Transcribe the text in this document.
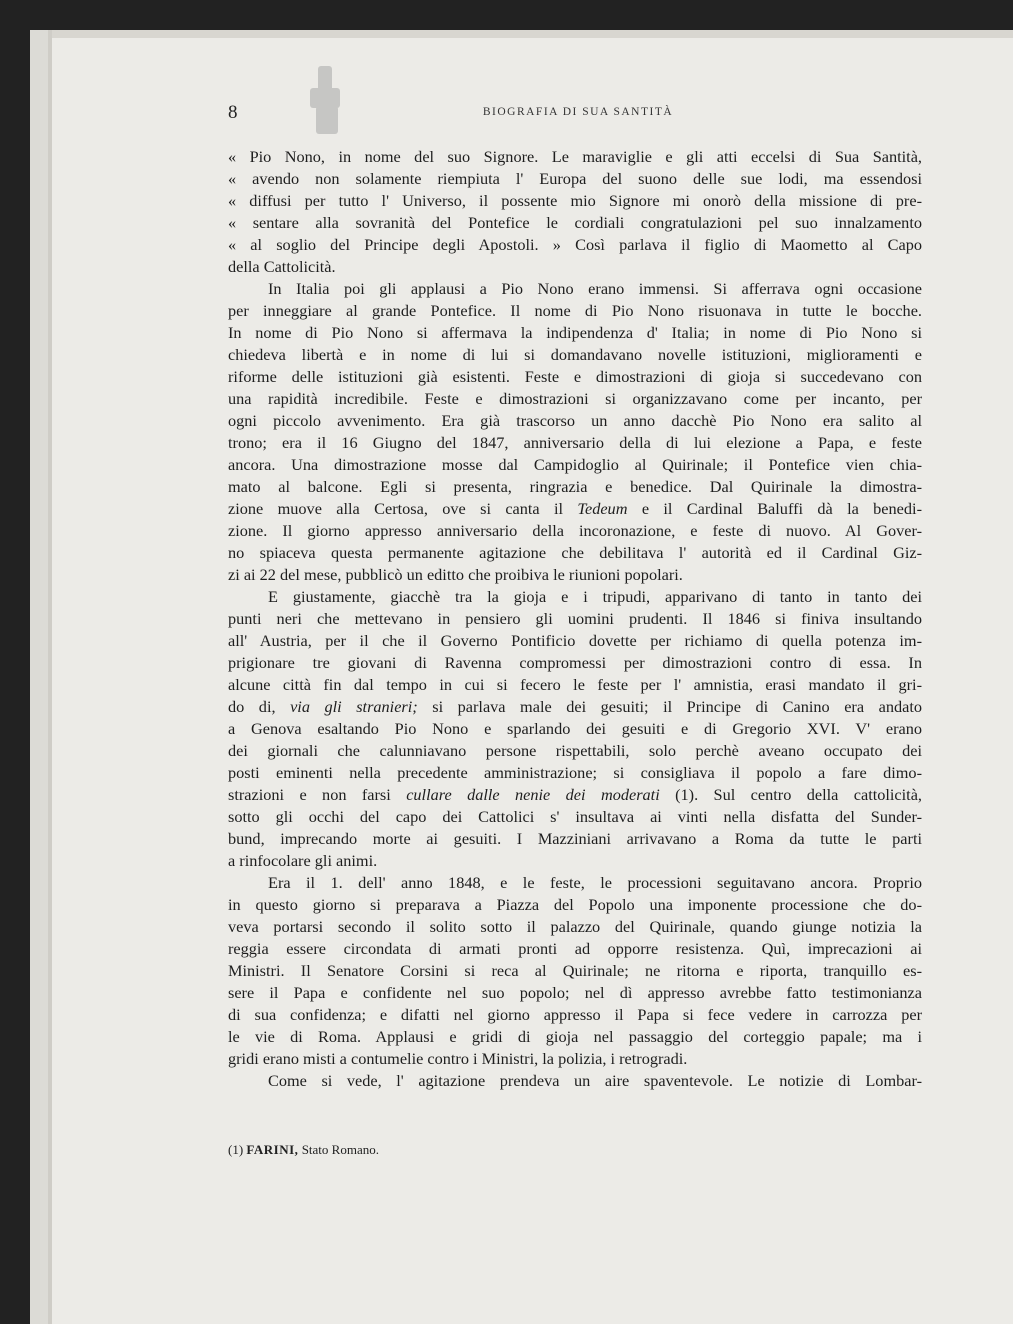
8	BIOGRAFIA DI SUA SANTITÀ
« Pio Nono, in nome del suo Signore. Le maraviglie e gli atti eccelsi di Sua Santità,
« avendo non solamente riempiuta l' Europa del suono delle sue lodi, ma essendosi
« diffusi per tutto l' Universo, il possente mio Signore mi onorò della missione di pre-
« sentare alla sovranità del Pontefice le cordiali congratulazioni pel suo innalzamento
« al soglio del Principe degli Apostoli. » Così parlava il figlio di Maometto al Capo
della Cattolicità.
In Italia poi gli applausi a Pio Nono erano immensi. Si afferrava ogni occasione
per inneggiare al grande Pontefice. Il nome di Pio Nono risuonava in tutte le bocche.
In nome di Pio Nono si affermava la indipendenza d' Italia; in nome di Pio Nono si
chiedeva libertà e in nome di lui si domandavano novelle istituzioni, miglioramenti e
riforme delle istituzioni già esistenti. Feste e dimostrazioni di gioja si succedevano con
una rapidità incredibile. Feste e dimostrazioni si organizzavano come per incanto, per
ogni piccolo avvenimento. Era già trascorso un anno dacchè Pio Nono era salito al
trono; era il 16 Giugno del 1847, anniversario della di lui elezione a Papa, e feste
ancora. Una dimostrazione mosse dal Campidoglio al Quirinale; il Pontefice vien chia-
mato al balcone. Egli si presenta, ringrazia e benedice. Dal Quirinale la dimostra-
zione muove alla Certosa, ove si canta il Tedeum e il Cardinal Baluffi dà la benedi-
zione. Il giorno appresso anniversario della incoronazione, e feste di nuovo. Al Gover-
no spiaceva questa permanente agitazione che debilitava l' autorità ed il Cardinal Giz-
zi ai 22 del mese, pubblicò un editto che proibiva le riunioni popolari.
E giustamente, giacchè tra la gioja e i tripudi, apparivano di tanto in tanto dei
punti neri che mettevano in pensiero gli uomini prudenti. Il 1846 si finiva insultando
all' Austria, per il che il Governo Pontificio dovette per richiamo di quella potenza im-
prigionare tre giovani di Ravenna compromessi per dimostrazioni contro di essa. In
alcune città fin dal tempo in cui si fecero le feste per l' amnistia, erasi mandato il gri-
do di, via gli stranieri; si parlava male dei gesuiti; il Principe di Canino era andato
a Genova esaltando Pio Nono e sparlando dei gesuiti e di Gregorio XVI. V' erano
dei giornali che calunniavano persone rispettabili, solo perchè aveano occupato dei
posti eminenti nella precedente amministrazione; si consigliava il popolo a fare dimo-
strazioni e non farsi cullare dalle nenie dei moderati (1). Sul centro della cattolicità,
sotto gli occhi del capo dei Cattolici s' insultava ai vinti nella disfatta del Sunder-
bund, imprecando morte ai gesuiti. I Mazziniani arrivavano a Roma da tutte le parti
a rinfocolare gli animi.
Era il 1. dell' anno 1848, e le feste, le processioni seguitavano ancora. Proprio
in questo giorno si preparava a Piazza del Popolo una imponente processione che do-
veva portarsi secondo il solito sotto il palazzo del Quirinale, quando giunge notizia la
reggia essere circondata di armati pronti ad opporre resistenza. Quì, imprecazioni ai
Ministri. Il Senatore Corsini si reca al Quirinale; ne ritorna e riporta, tranquillo es-
sere il Papa e confidente nel suo popolo; nel dì appresso avrebbe fatto testimonianza
di sua confidenza; e difatti nel giorno appresso il Papa si fece vedere in carrozza per
le vie di Roma. Applausi e gridi di gioja nel passaggio del corteggio papale; ma i
gridi erano misti a contumelie contro i Ministri, la polizia, i retrogradi.
Come si vede, l' agitazione prendeva un aire spaventevole. Le notizie di Lombar-
(1) FARINI, Stato Romano.
